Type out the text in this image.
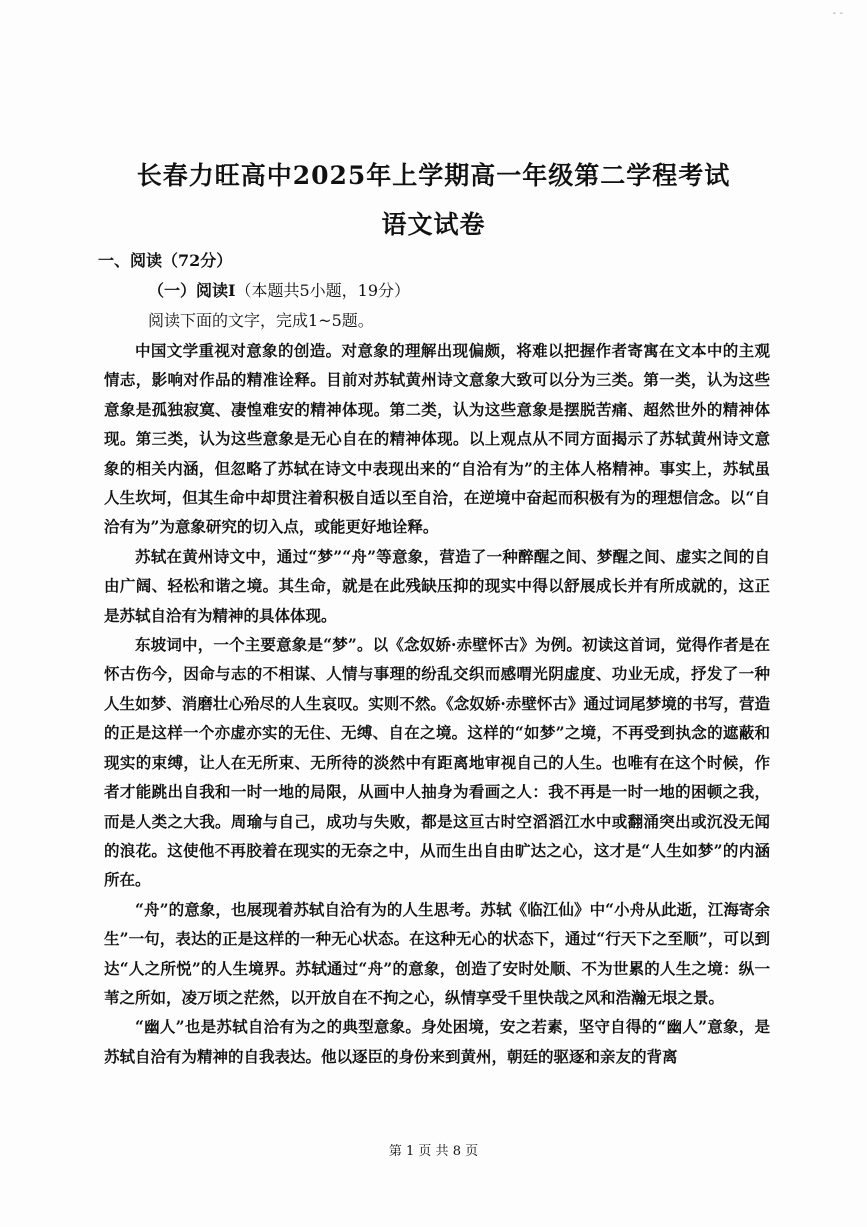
- -
长春力旺高中2025年上学期高一年级第二学程考试
语文试卷
一、阅读（72分）
（一）阅读Ⅰ（本题共5小题，19分）
阅读下面的文字，完成1~5题。

中国文学重视对意象的创造。对意象的理解出现偏颇，将难以把握作者寄寓在文本中的主观情志，影响对作品的精准诠释。目前对苏轼黄州诗文意象大致可以分为三类。第一类，认为这些意象是孤独寂寞、凄惶难安的精神体现。第二类，认为这些意象是摆脱苦痛、超然世外的精神体现。第三类，认为这些意象是无心自在的精神体现。以上观点从不同方面揭示了苏轼黄州诗文意象的相关内涵，但忽略了苏轼在诗文中表现出来的“自洽有为”的主体人格精神。事实上，苏轼虽人生坎坷，但其生命中却贯注着积极自适以至自洽，在逆境中奋起而积极有为的理想信念。以“自洽有为”为意象研究的切入点，或能更好地诠释。

苏轼在黄州诗文中，通过“梦”“舟”等意象，营造了一种醉醒之间、梦醒之间、虚实之间的自由广阔、轻松和谐之境。其生命，就是在此残缺压抑的现实中得以舒展成长并有所成就的，这正是苏轼自洽有为精神的具体体现。

东坡词中，一个主要意象是“梦”。以《念奴娇·赤壁怀古》为例。初读这首词，觉得作者是在怀古伤今，因命与志的不相谋、人情与事理的纷乱交织而感喟光阴虚度、功业无成，抒发了一种人生如梦、消磨壮心殆尽的人生哀叹。实则不然。《念奴娇·赤壁怀古》通过词尾梦境的书写，营造的正是这样一个亦虚亦实的无住、无缚、自在之境。这样的“如梦”之境，不再受到执念的遮蔽和现实的束缚，让人在无所束、无所待的淡然中有距离地审视自己的人生。也唯有在这个时候，作者才能跳出自我和一时一地的局限，从画中人抽身为看画之人：我不再是一时一地的困顿之我，而是人类之大我。周瑜与自己，成功与失败，都是这亘古时空滔滔江水中或翻涌突出或沉没无闻的浪花。这使他不再胶着在现实的无奈之中，从而生出自由旷达之心，这才是“人生如梦”的内涵所在。

“舟”的意象，也展现着苏轼自洽有为的人生思考。苏轼《临江仙》中“小舟从此逝，江海寄余生”一句，表达的正是这样的一种无心状态。在这种无心的状态下，通过“行天下之至顺”，可以到达“人之所悦”的人生境界。苏轼通过“舟”的意象，创造了安时处顺、不为世累的人生之境：纵一苇之所如，凌万顷之茫然，以开放自在不拘之心，纵情享受千里快哉之风和浩瀚无垠之景。

“幽人”也是苏轼自洽有为之的典型意象。身处困境，安之若素，坚守自得的“幽人”意象，是苏轼自洽有为精神的自我表达。他以逐臣的身份来到黄州，朝廷的驱逐和亲友的背离

第 1 页 共 8 页
